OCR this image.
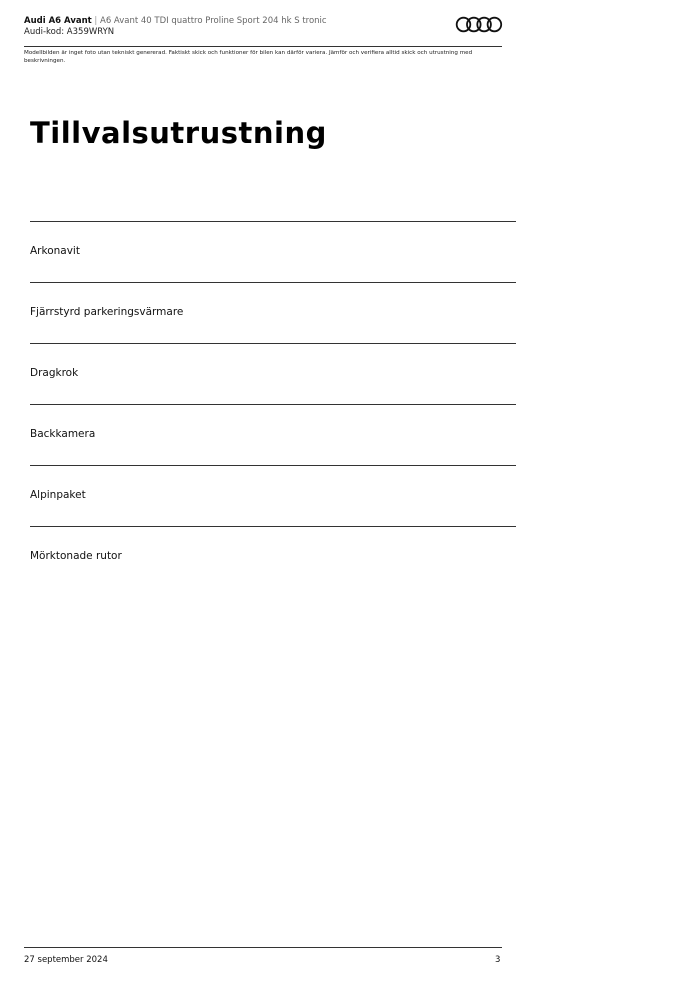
Audi A6 Avant | A6 Avant 40 TDI quattro Proline Sport 204 hk S tronic
Audi-kod: A359WRYN
Modellbilden är inget foto utan tekniskt genererad. Faktiskt skick och funktioner för bilen kan därför variera. Jämför och verifiera alltid skick och utrustning med beskrivningen.
Tillvalsutrustning
Arkonavit
Fjärrstyrd parkeringsvärmare
Dragkrok
Backkamera
Alpinpaket
Mörktonade rutor
27 september 2024	3
